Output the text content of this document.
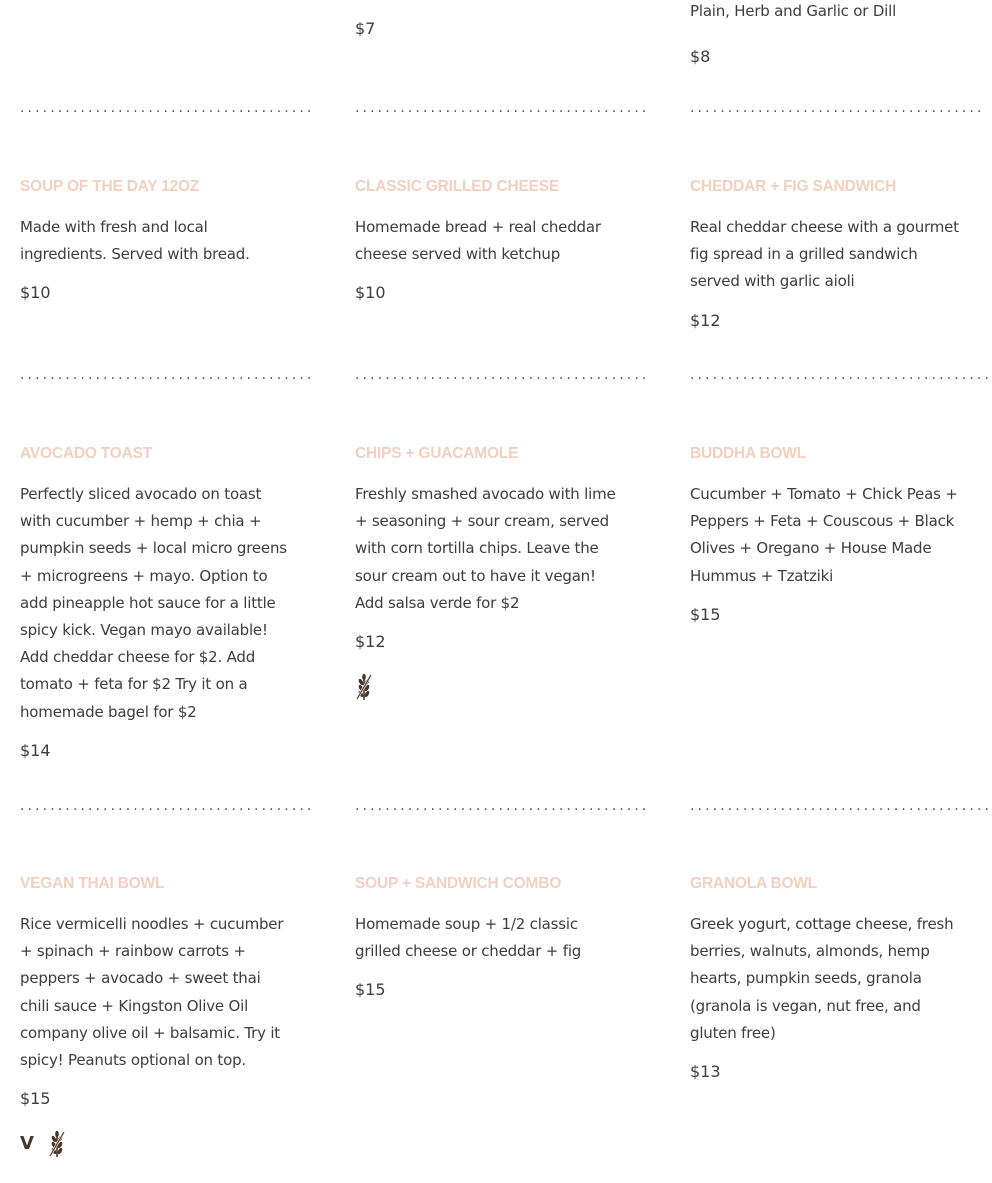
.......................................
SOUP OF THE DAY 12OZ

Made with fresh and local ingredients. Served with bread.

$10

.......................................
AVOCADO TOAST

Perfectly sliced avocado on toast with cucumber + hemp + chia + pumpkin seeds + local micro greens + microgreens + mayo. Option to add pineapple hot sauce for a little spicy kick. Vegan mayo available! Add cheddar cheese for $2. Add tomato + feta for $2 Try it on a homemade bagel for $2

$14

.......................................
VEGAN THAI BOWL

Rice vermicelli noodles + cucumber + spinach + rainbow carrots + peppers + avocado + sweet thai chili sauce + Kingston Olive Oil company olive oil + balsamic. Try it spicy! Peanuts optional on top.

$15

V

$7

.......................................
CLASSIC GRILLED CHEESE

Homemade bread + real cheddar cheese served with ketchup

$10

.......................................
CHIPS + GUACAMOLE

Freshly smashed avocado with lime + seasoning + sour cream, served with corn tortilla chips. Leave the sour cream out to have it vegan! Add salsa verde for $2

$12

.......................................
SOUP + SANDWICH COMBO

Homemade soup + 1/2 classic grilled cheese or cheddar + fig

$15

Plain, Herb and Garlic or Dill

$8

.......................................
CHEDDAR + FIG SANDWICH

Real cheddar cheese with a gourmet fig spread in a grilled sandwich served with garlic aioli

$12

........................................
BUDDHA BOWL

Cucumber + Tomato + Chick Peas + Peppers + Feta + Couscous + Black Olives + Oregano + House Made Hummus + Tzatziki

$15

........................................
GRANOLA BOWL

Greek yogurt, cottage cheese, fresh berries, walnuts, almonds, hemp hearts, pumpkin seeds, granola (granola is vegan, nut free, and gluten free)

$13
